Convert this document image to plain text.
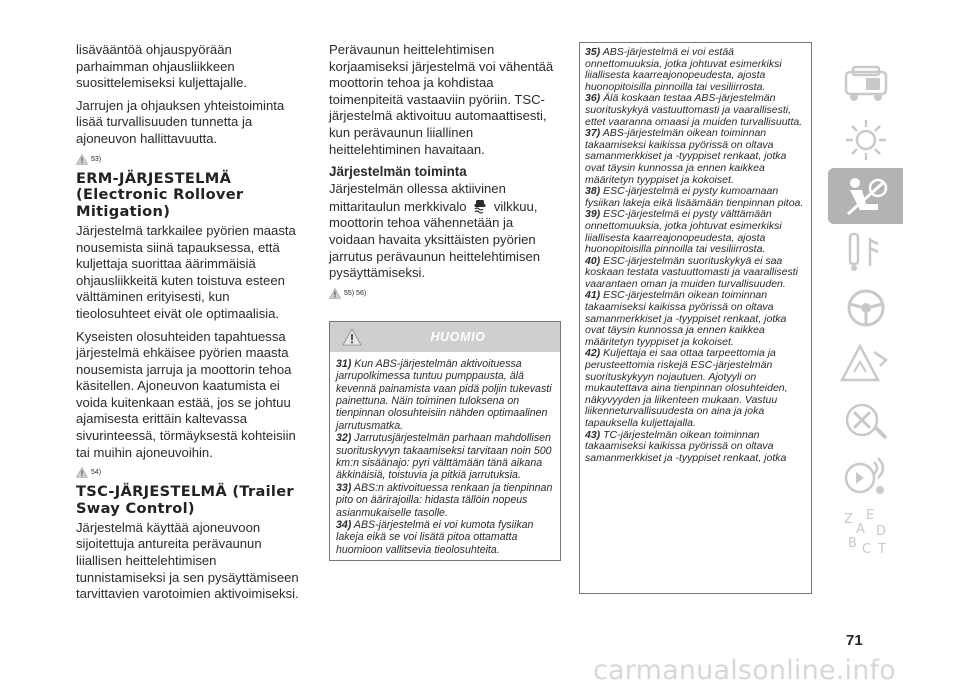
lisävääntöä ohjauspyörään parhaimman ohjausliikkeen suosittelemiseksi kuljettajalle.

Jarrujen ja ohjauksen yhteistoiminta lisää turvallisuuden tunnetta ja ajoneuvon hallittavuutta.

53)
ERM-JÄRJESTELMÄ (Electronic Rollover Mitigation)

Järjestelmä tarkkailee pyörien maasta nousemista siinä tapauksessa, että kuljettaja suorittaa äärimmäisiä ohjausliikkeitä kuten toistuva esteen välttäminen erityisesti, kun tieolosuhteet eivät ole optimaalisia.

Kyseisten olosuhteiden tapahtuessa järjestelmä ehkäisee pyörien maasta nousemista jarruja ja moottorin tehoa käsitellen. Ajoneuvon kaatumista ei voida kuitenkaan estää, jos se johtuu ajamisesta erittäin kaltevassa sivurinteessä, törmäyksestä kohteisiin tai muihin ajoneuvoihin.

54)
TSC-JÄRJESTELMÄ (Trailer Sway Control)

Järjestelmä käyttää ajoneuvoon sijoitettuja antureita perävaunun liiallisen heittelehtimisen tunnistamiseksi ja sen pysäyttämiseen tarvittavien varotoimien aktivoimiseksi.

Perävaunun heittelehtimisen korjaamiseksi järjestelmä voi vähentää moottorin tehoa ja kohdistaa toimenpiteitä vastaaviin pyöriin. TSC-järjestelmä aktivoituu automaattisesti, kun perävaunun liiallinen heittelehtiminen havaitaan.

Järjestelmän toiminta

Järjestelmän ollessa aktiivinen mittaritaulun merkkivalo vilkkuu, moottorin tehoa vähennetään ja voidaan havaita yksittäisten pyörien jarrutus perävaunun heittelehtimisen pysäyttämiseksi.

55) 56)
HUOMIO

31) Kun ABS-järjestelmän aktivoituessa jarrupolkimessa tuntuu pumppausta, älä kevennä painamista vaan pidä poljin tukevasti painettuna. Näin toiminen tuloksena on tienpinnan olosuhteisiin nähden optimaalinen jarrutusmatka.

32) Jarrutusjärjestelmän parhaan mahdollisen suorituskyvyn takaamiseksi tarvitaan noin 500 km:n sisäänajo: pyri välttämään tänä aikana äkkinäisiä, toistuvia ja pitkiä jarrutuksia.

33) ABS:n aktivoituessa renkaan ja tienpinnan pito on äärirajoilla: hidasta tällöin nopeus asianmukaiselle tasolle.

34) ABS-järjestelmä ei voi kumota fysiikan lakeja eikä se voi lisätä pitoa ottamatta huomioon vallitsevia tieolosuhteita.

35) ABS-järjestelmä ei voi estää onnettomuuksia, jotka johtuvat esimerkiksi liiallisesta kaarreajonopeudesta, ajosta huonopitoisilla pinnoilla tai vesiliirrosta.

36) Älä koskaan testaa ABS-järjestelmän suorituskykyä vastuuttomasti ja vaarallisesti, ettet vaaranna omaasi ja muiden turvallisuutta.

37) ABS-järjestelmän oikean toiminnan takaamiseksi kaikissa pyörissä on oltava samanmerkkiset ja -tyyppiset renkaat, jotka ovat täysin kunnossa ja ennen kaikkea määritetyn tyyppiset ja kokoiset.

38) ESC-järjestelmä ei pysty kumoamaan fysiikan lakeja eikä lisäämään tienpinnan pitoa.

39) ESC-järjestelmä ei pysty välttämään onnettomuuksia, jotka johtuvat esimerkiksi liiallisesta kaarreajonopeudesta, ajosta huonopitoisilla pinnoilla tai vesiliirrosta.

40) ESC-järjestelmän suorituskykyä ei saa koskaan testata vastuuttomasti ja vaarallisesti vaarantaen oman ja muiden turvallisuuden.

41) ESC-järjestelmän oikean toiminnan takaamiseksi kaikissa pyörissä on oltava samanmerkkiset ja -tyyppiset renkaat, jotka ovat täysin kunnossa ja ennen kaikkea määritetyn tyyppiset ja kokoiset.

42) Kuljettaja ei saa ottaa tarpeettomia ja perusteettomia riskejä ESC-järjestelmän suorituskykyyn nojautuen. Ajotyyli on mukautettava aina tienpinnan olosuhteiden, näkyvyyden ja liikenteen mukaan. Vastuu liikenneturvallisuudesta on aina ja joka tapauksella kuljettajalla.

43) TC-järjestelmän oikean toiminnan takaamiseksi kaikissa pyörissä on oltava samanmerkkiset ja -tyyppiset renkaat, jotka

Z E
A D
B C T
71
carmanualsonline.info
